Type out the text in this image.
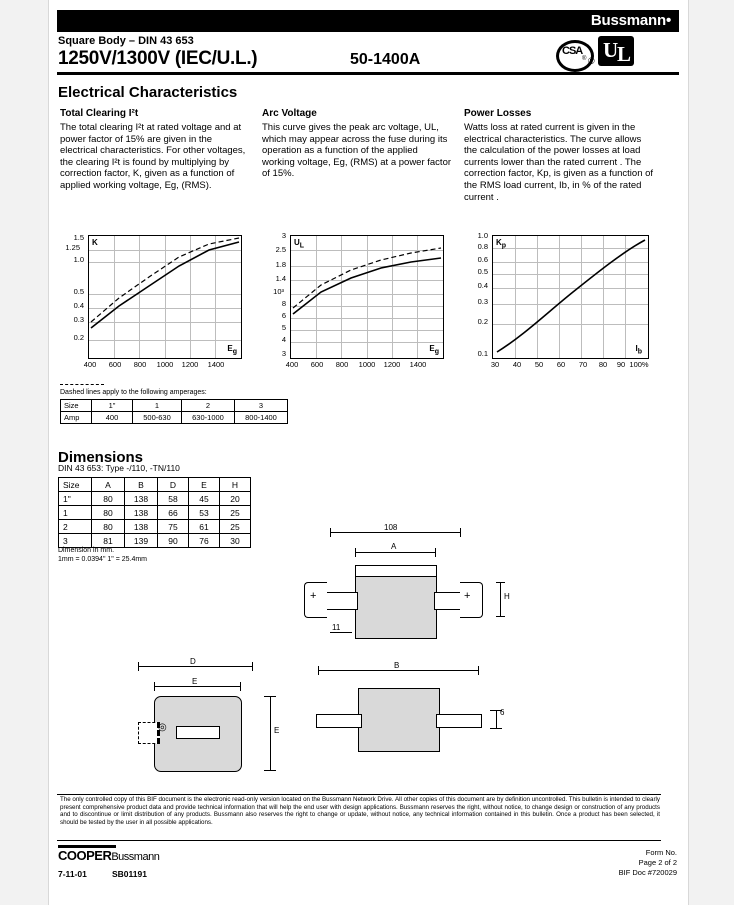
Bussmann•
Square Body – DIN 43 653
1250V/1300V (IEC/U.L.)	50-1400A	CSA
® U
L
®
Electrical Characteristics
Dimensions
Total Clearing I²t	Arc Voltage	Power Losses
The total clearing I²t at rated voltage and at power factor of 15% are given in the electrical characteristics. For other voltages, the clearing I²t is found by multiplying by correction factor, K, given as a function of applied working voltage, Eg, (RMS).
This curve gives the peak arc voltage, UL, which may appear across the fuse during its operation as a function of the applied working voltage, Eg, (RMS) at a power factor of 15%.
Watts loss at rated current is given in the electrical characteristics. The curve allows the calculation of the power losses at load currents lower than the rated current . The correction factor, Kp, is given as a function of the RMS load current, Ib, in % of the rated current .
K
$E_g$
1.5
1.25
1.0
0.5
0.4
0.3
0.2
400	600	800	1000	1200	1400
$U_L$
$E_g$
3
2.5
1.8
1.4
10³
8
6
5
4
3
400	600	800	1000	1200	1400
$K_p$
$I_b$
1.0
0.8
0.6
0.5
0.4
0.3
0.2
0.1
30	40	50	60	70	80	90 100%
Dashed lines apply to the following amperages:
Size	1"	1	2	3
Amp	400	500-630	630-1000	800-1400
DIN 43 653: Type -/110, -TN/110
Size	A	B	D	E	H
1"	80	138	58	45	20
1	80	138	66	53	25
2	80	138	75	61	25
3	81	139	90	76	30
Dimension in mm.
1mm = 0.0394" 1" = 25.4mm
108
A
+	+	H
11
B
6
D
E
◎	E
The only controlled copy of this BIF document is the electronic read-only version located on the Bussmann Network Drive. All other copies of this document are by definition uncontrolled. This bulletin is intended to clearly present comprehensive product data and provide technical information that will help the end user with design applications. Bussmann reserves the right, without notice, to change design or construction of any products and to discontinue or limit distribution of any products. Bussmann also reserves the right to change or update, without notice, any technical information contained in this bulletin. Once a product has been selected, it should be tested by the user in all possible applications.
COOPERBussmann
7-11-01	SB01191
Form No.
Page 2 of 2
BIF Doc #720029
